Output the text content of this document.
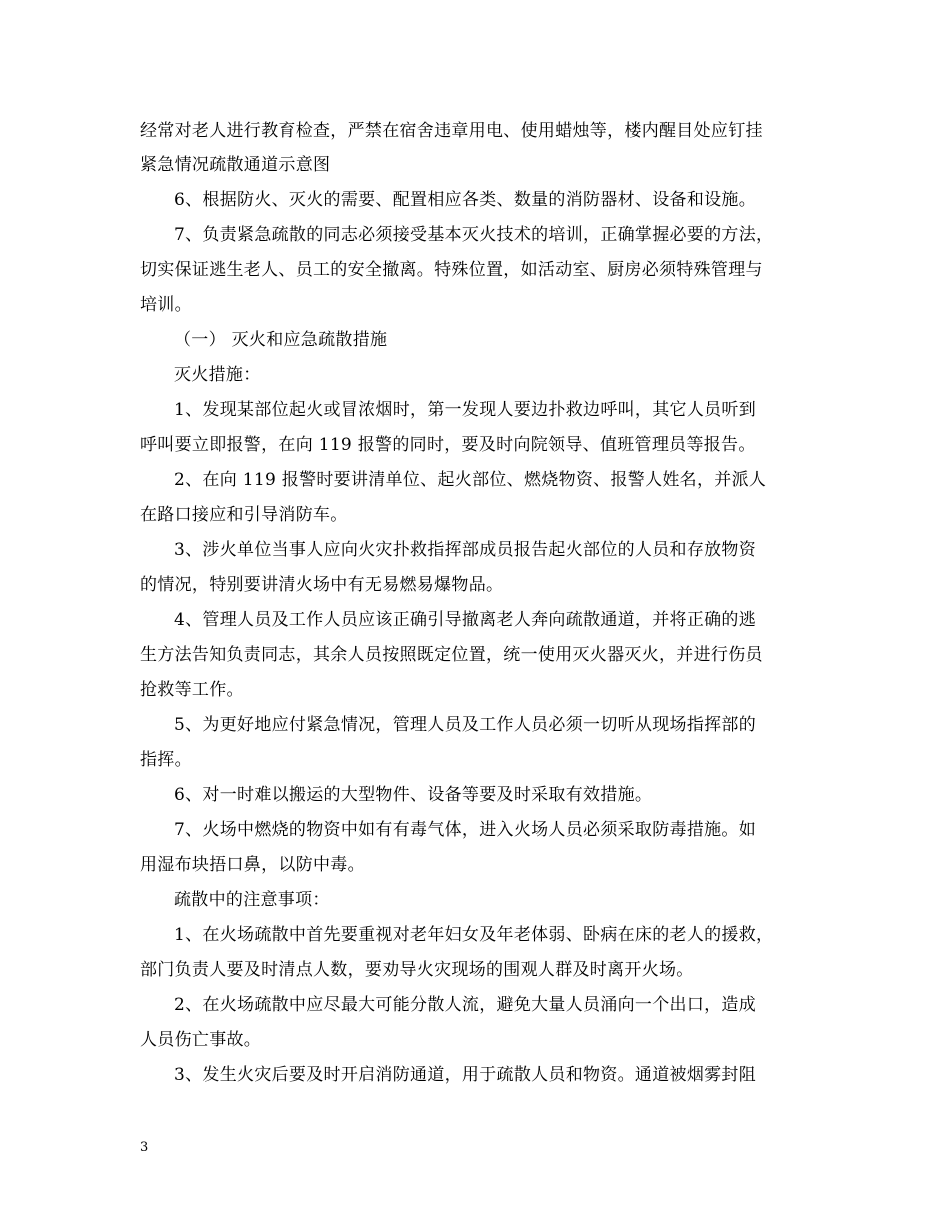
经常对老人进行教育检查，严禁在宿舍违章用电、使用蜡烛等，楼内醒目处应钉挂
紧急情况疏散通道示意图
6、根据防火、灭火的需要、配置相应各类、数量的消防器材、设备和设施。
7、负责紧急疏散的同志必须接受基本灭火技术的培训，正确掌握必要的方法，
切实保证逃生老人、员工的安全撤离。特殊位置，如活动室、厨房必须特殊管理与
培训。
（一） 灭火和应急疏散措施
灭火措施：
1、发现某部位起火或冒浓烟时，第一发现人要边扑救边呼叫，其它人员听到
呼叫要立即报警，在向 119 报警的同时，要及时向院领导、值班管理员等报告。
2、在向 119 报警时要讲清单位、起火部位、燃烧物资、报警人姓名，并派人
在路口接应和引导消防车。
3、涉火单位当事人应向火灾扑救指挥部成员报告起火部位的人员和存放物资
的情况，特别要讲清火场中有无易燃易爆物品。
4、管理人员及工作人员应该正确引导撤离老人奔向疏散通道，并将正确的逃
生方法告知负责同志，其余人员按照既定位置，统一使用灭火器灭火，并进行伤员
抢救等工作。
5、为更好地应付紧急情况，管理人员及工作人员必须一切听从现场指挥部的
指挥。
6、对一时难以搬运的大型物件、设备等要及时采取有效措施。
7、火场中燃烧的物资中如有有毒气体，进入火场人员必须采取防毒措施。如
用湿布块捂口鼻，以防中毒。
疏散中的注意事项：
1、在火场疏散中首先要重视对老年妇女及年老体弱、卧病在床的老人的援救，
部门负责人要及时清点人数，要劝导火灾现场的围观人群及时离开火场。
2、在火场疏散中应尽最大可能分散人流，避免大量人员涌向一个出口，造成
人员伤亡事故。
3、发生火灾后要及时开启消防通道，用于疏散人员和物资。通道被烟雾封阻
3
